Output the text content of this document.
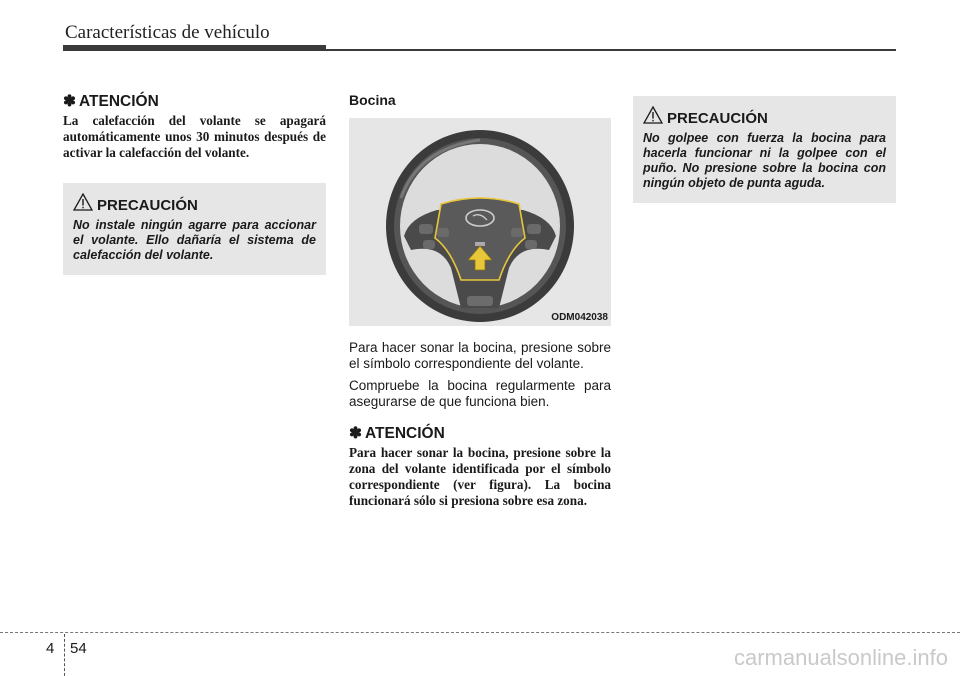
Características de vehículo
✽ ATENCIÓN

La calefacción del volante se apagará automáticamente unos 30 minutos después de activar la calefacción del volante.

PRECAUCIÓN

No instale ningún agarre para accionar el volante. Ello dañaría el sistema de calefacción del volante.

Bocina
ODM042038

Para hacer sonar la bocina, presione sobre el símbolo correspondiente del volante.

Compruebe la bocina regularmente para asegurarse de que funciona bien.

✽ ATENCIÓN

Para hacer sonar la bocina, presione sobre la zona del volante identificada por el símbolo correspondiente (ver figura). La bocina funcionará sólo si presiona sobre esa zona.

PRECAUCIÓN

No golpee con fuerza la bocina para hacerla funcionar ni la golpee con el puño. No presione sobre la bocina con ningún objeto de punta aguda.

4 54	carmanualsonline.info
